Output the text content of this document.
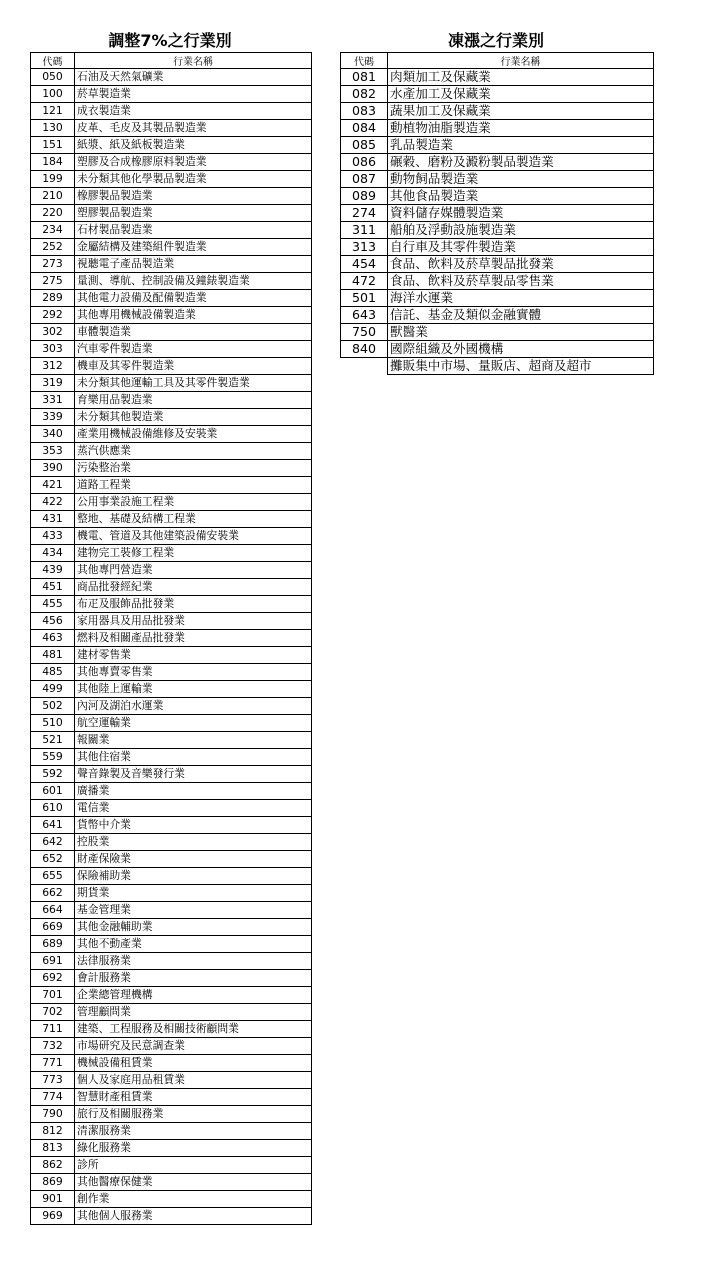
調整7%之行業別
代碼	行業名稱
050	石油及天然氣礦業
100	菸草製造業
121	成衣製造業
130	皮革、毛皮及其製品製造業
151	紙漿、紙及紙板製造業
184	塑膠及合成橡膠原料製造業
199	未分類其他化學製品製造業
210	橡膠製品製造業
220	塑膠製品製造業
234	石材製品製造業
252	金屬結構及建築組件製造業
273	視聽電子產品製造業
275	量測、導航、控制設備及鐘錶製造業
289	其他電力設備及配備製造業
292	其他專用機械設備製造業
302	車體製造業
303	汽車零件製造業
312	機車及其零件製造業
319	未分類其他運輸工具及其零件製造業
331	育樂用品製造業
339	未分類其他製造業
340	產業用機械設備維修及安裝業
353	蒸汽供應業
390	污染整治業
421	道路工程業
422	公用事業設施工程業
431	整地、基礎及結構工程業
433	機電、管道及其他建築設備安裝業
434	建物完工裝修工程業
439	其他專門營造業
451	商品批發經紀業
455	布疋及服飾品批發業
456	家用器具及用品批發業
463	燃料及相關產品批發業
481	建材零售業
485	其他專賣零售業
499	其他陸上運輸業
502	內河及湖泊水運業
510	航空運輸業
521	報關業
559	其他住宿業
592	聲音錄製及音樂發行業
601	廣播業
610	電信業
641	貨幣中介業
642	控股業
652	財產保險業
655	保險補助業
662	期貨業
664	基金管理業
669	其他金融輔助業
689	其他不動產業
691	法律服務業
692	會計服務業
701	企業總管理機構
702	管理顧問業
711	建築、工程服務及相關技術顧問業
732	市場研究及民意調查業
771	機械設備租賃業
773	個人及家庭用品租賃業
774	智慧財產租賃業
790	旅行及相關服務業
812	清潔服務業
813	綠化服務業
862	診所
869	其他醫療保健業
901	創作業
969	其他個人服務業
凍漲之行業別
代碼	行業名稱
081	肉類加工及保藏業
082	水產加工及保藏業
083	蔬果加工及保藏業
084	動植物油脂製造業
085	乳品製造業
086	碾穀、磨粉及澱粉製品製造業
087	動物飼品製造業
089	其他食品製造業
274	資料儲存媒體製造業
311	船舶及浮動設施製造業
313	自行車及其零件製造業
454	食品、飲料及菸草製品批發業
472	食品、飲料及菸草製品零售業
501	海洋水運業
643	信託、基金及類似金融實體
750	獸醫業
840	國際組織及外國機構
	攤販集中市場、量販店、超商及超市
